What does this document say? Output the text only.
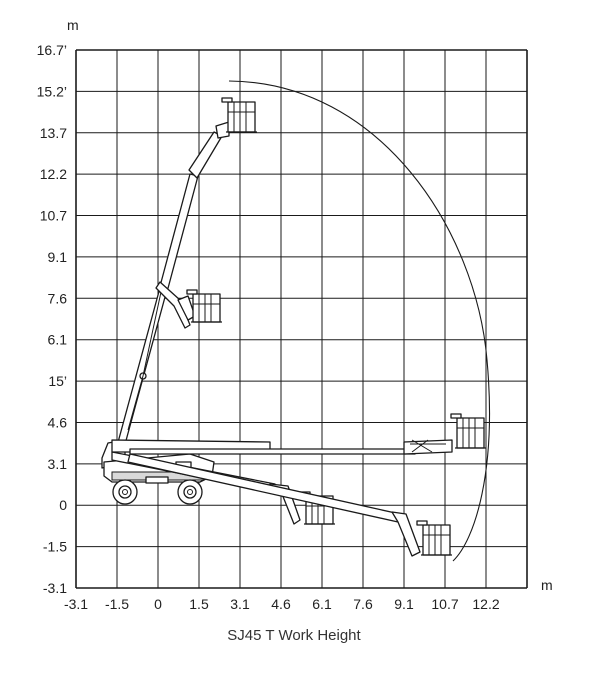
m
m
16.7’
15.2’
13.7
12.2
10.7
9.1
7.6
6.1
15’
4.6
3.1
0
-1.5
-3.1
-3.1 -1.5 0 1.5 3.1 4.6 6.1 7.6 9.1 10.7 12.2
SJ45 T Work Height
